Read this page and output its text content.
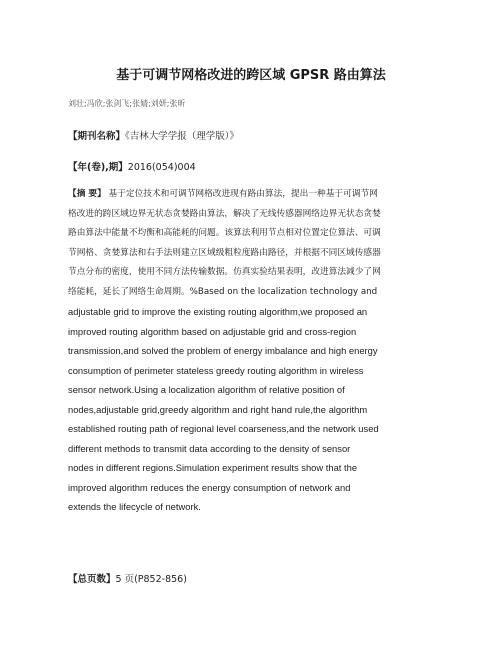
基于可调节网格改进的跨区域 GPSR 路由算法
刘壮;冯欣;张剑飞;张婧;刘妍;张昕
【期刊名称】《吉林大学学报（理学版）》
【年(卷),期】2016(054)004
【摘 要】 基于定位技术和可调节网格改进现有路由算法，提出一种基于可调节网
格改进的跨区域边界无状态贪婪路由算法，解决了无线传感器网络边界无状态贪婪
路由算法中能量不均衡和高能耗的问题。该算法利用节点相对位置定位算法、可调
节网格、贪婪算法和右手法则建立区域级粗粒度路由路径，并根据不同区域传感器
节点分布的密度，使用不同方法传输数据。仿真实验结果表明，改进算法减少了网
络能耗，延长了网络生命周期。%Based on the localization technology and
adjustable grid to improve the existing routing algorithm,we proposed an
improved routing algorithm based on adjustable grid and cross-region
transmission,and solved the problem of energy imbalance and high energy
consumption of perimeter stateless greedy routing algorithm in wireless
sensor network.Using a localization algorithm of relative position of
nodes,adjustable grid,greedy algorithm and right hand rule,the algorithm
established routing path of regional level coarseness,and the network used
different methods to transmit data according to the density of sensor
nodes in different regions.Simulation experiment results show that the
improved algorithm reduces the energy consumption of network and
extends the lifecycle of network.
【总页数】5 页(P852-856)
